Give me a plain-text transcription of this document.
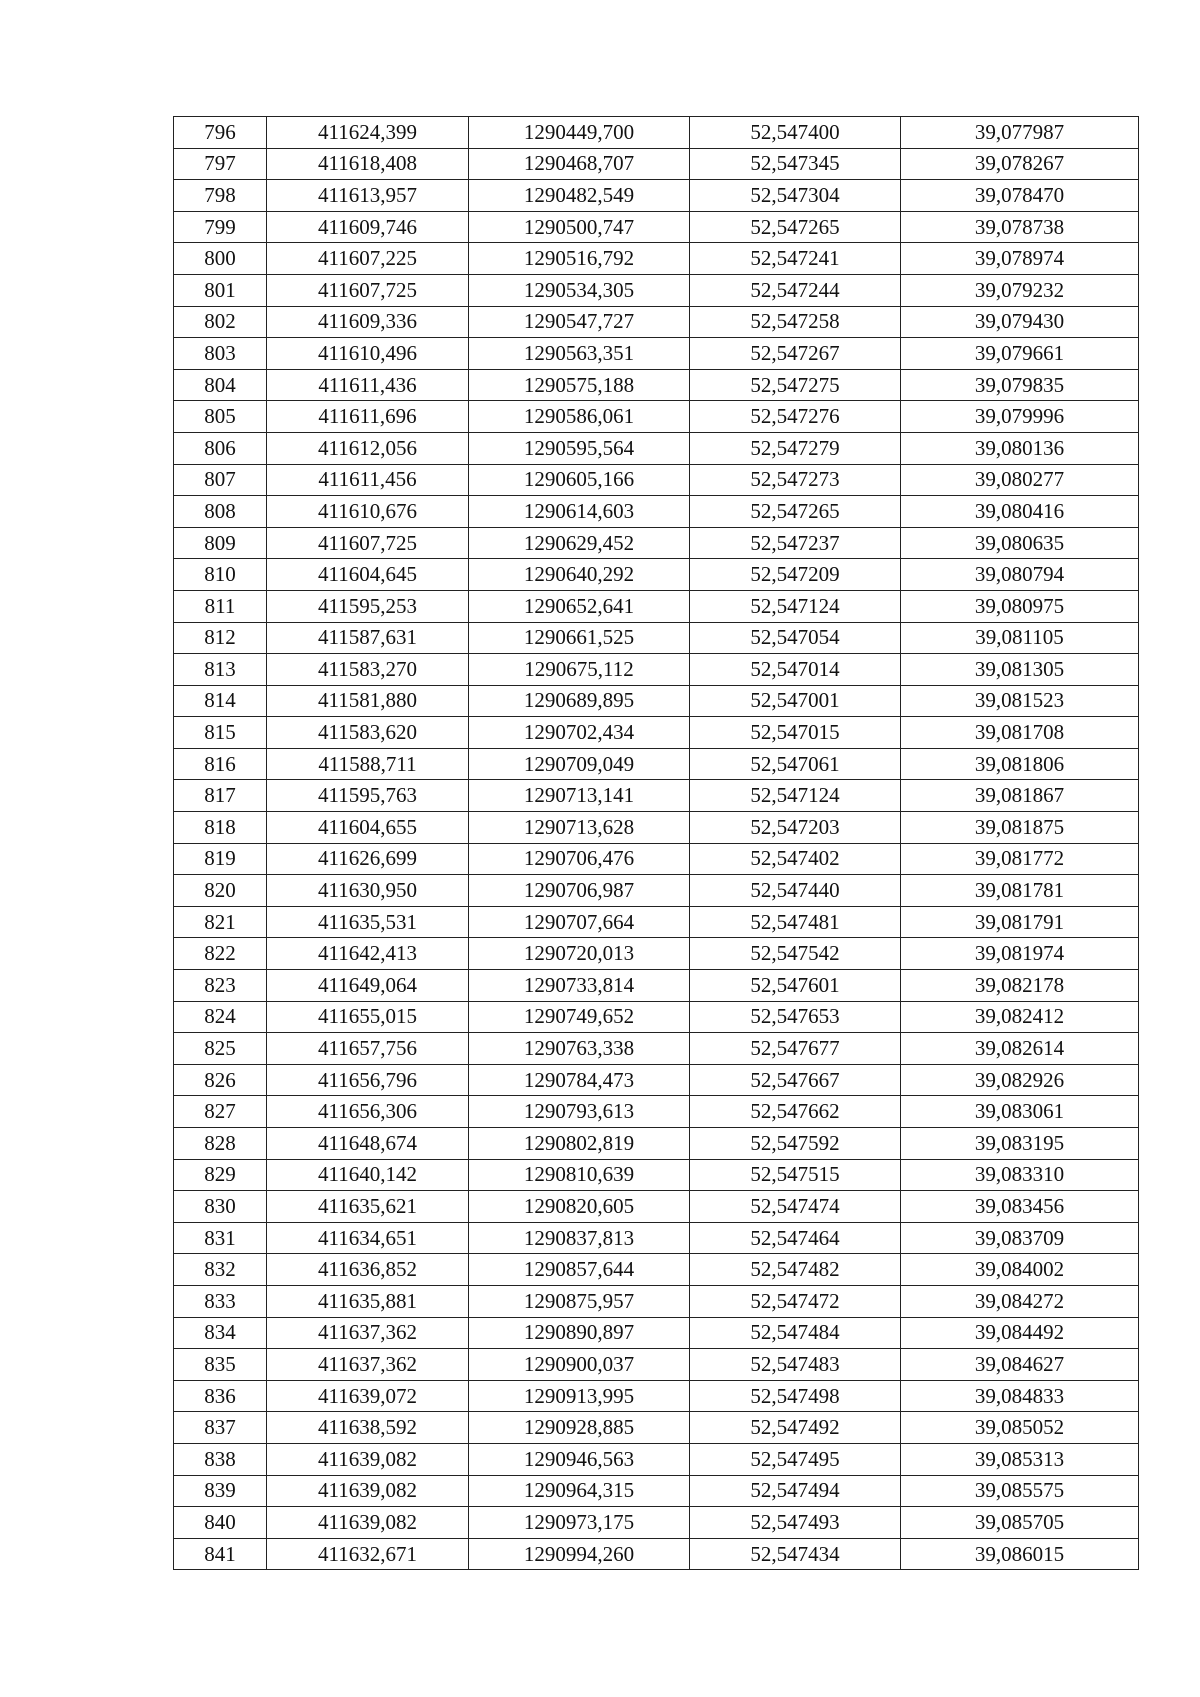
796	411624,399	1290449,700	52,547400	39,077987
797	411618,408	1290468,707	52,547345	39,078267
798	411613,957	1290482,549	52,547304	39,078470
799	411609,746	1290500,747	52,547265	39,078738
800	411607,225	1290516,792	52,547241	39,078974
801	411607,725	1290534,305	52,547244	39,079232
802	411609,336	1290547,727	52,547258	39,079430
803	411610,496	1290563,351	52,547267	39,079661
804	411611,436	1290575,188	52,547275	39,079835
805	411611,696	1290586,061	52,547276	39,079996
806	411612,056	1290595,564	52,547279	39,080136
807	411611,456	1290605,166	52,547273	39,080277
808	411610,676	1290614,603	52,547265	39,080416
809	411607,725	1290629,452	52,547237	39,080635
810	411604,645	1290640,292	52,547209	39,080794
811	411595,253	1290652,641	52,547124	39,080975
812	411587,631	1290661,525	52,547054	39,081105
813	411583,270	1290675,112	52,547014	39,081305
814	411581,880	1290689,895	52,547001	39,081523
815	411583,620	1290702,434	52,547015	39,081708
816	411588,711	1290709,049	52,547061	39,081806
817	411595,763	1290713,141	52,547124	39,081867
818	411604,655	1290713,628	52,547203	39,081875
819	411626,699	1290706,476	52,547402	39,081772
820	411630,950	1290706,987	52,547440	39,081781
821	411635,531	1290707,664	52,547481	39,081791
822	411642,413	1290720,013	52,547542	39,081974
823	411649,064	1290733,814	52,547601	39,082178
824	411655,015	1290749,652	52,547653	39,082412
825	411657,756	1290763,338	52,547677	39,082614
826	411656,796	1290784,473	52,547667	39,082926
827	411656,306	1290793,613	52,547662	39,083061
828	411648,674	1290802,819	52,547592	39,083195
829	411640,142	1290810,639	52,547515	39,083310
830	411635,621	1290820,605	52,547474	39,083456
831	411634,651	1290837,813	52,547464	39,083709
832	411636,852	1290857,644	52,547482	39,084002
833	411635,881	1290875,957	52,547472	39,084272
834	411637,362	1290890,897	52,547484	39,084492
835	411637,362	1290900,037	52,547483	39,084627
836	411639,072	1290913,995	52,547498	39,084833
837	411638,592	1290928,885	52,547492	39,085052
838	411639,082	1290946,563	52,547495	39,085313
839	411639,082	1290964,315	52,547494	39,085575
840	411639,082	1290973,175	52,547493	39,085705
841	411632,671	1290994,260	52,547434	39,086015
